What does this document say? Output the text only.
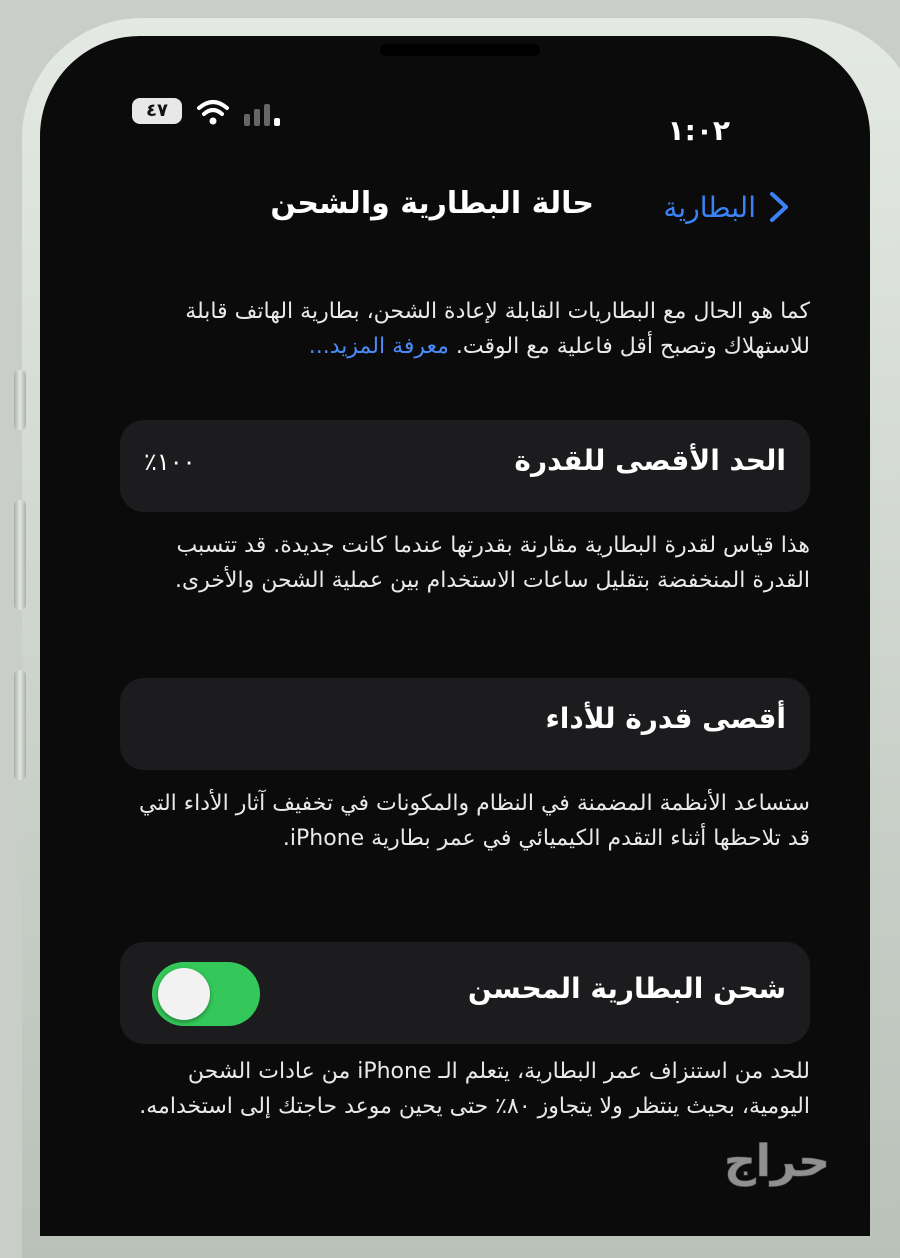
١:٠٢
٤٧
البطارية
حالة البطارية والشحن

كما هو الحال مع البطاريات القابلة لإعادة الشحن، بطارية الهاتف قابلة للاستهلاك وتصبح أقل فاعلية مع الوقت. معرفة المزيد...

الحد الأقصى للقدرة
١٠٠٪

هذا قياس لقدرة البطارية مقارنة بقدرتها عندما كانت جديدة. قد تتسبب القدرة المنخفضة بتقليل ساعات الاستخدام بين عملية الشحن والأخرى.

أقصى قدرة للأداء

ستساعد الأنظمة المضمنة في النظام والمكونات في تخفيف آثار الأداء التي قد تلاحظها أثناء التقدم الكيميائي في عمر بطارية iPhone.

شحن البطارية المحسن

للحد من استنزاف عمر البطارية، يتعلم الـ iPhone من عادات الشحن اليومية، بحيث ينتظر ولا يتجاوز ٨٠٪ حتى يحين موعد حاجتك إلى استخدامه.

حراج
